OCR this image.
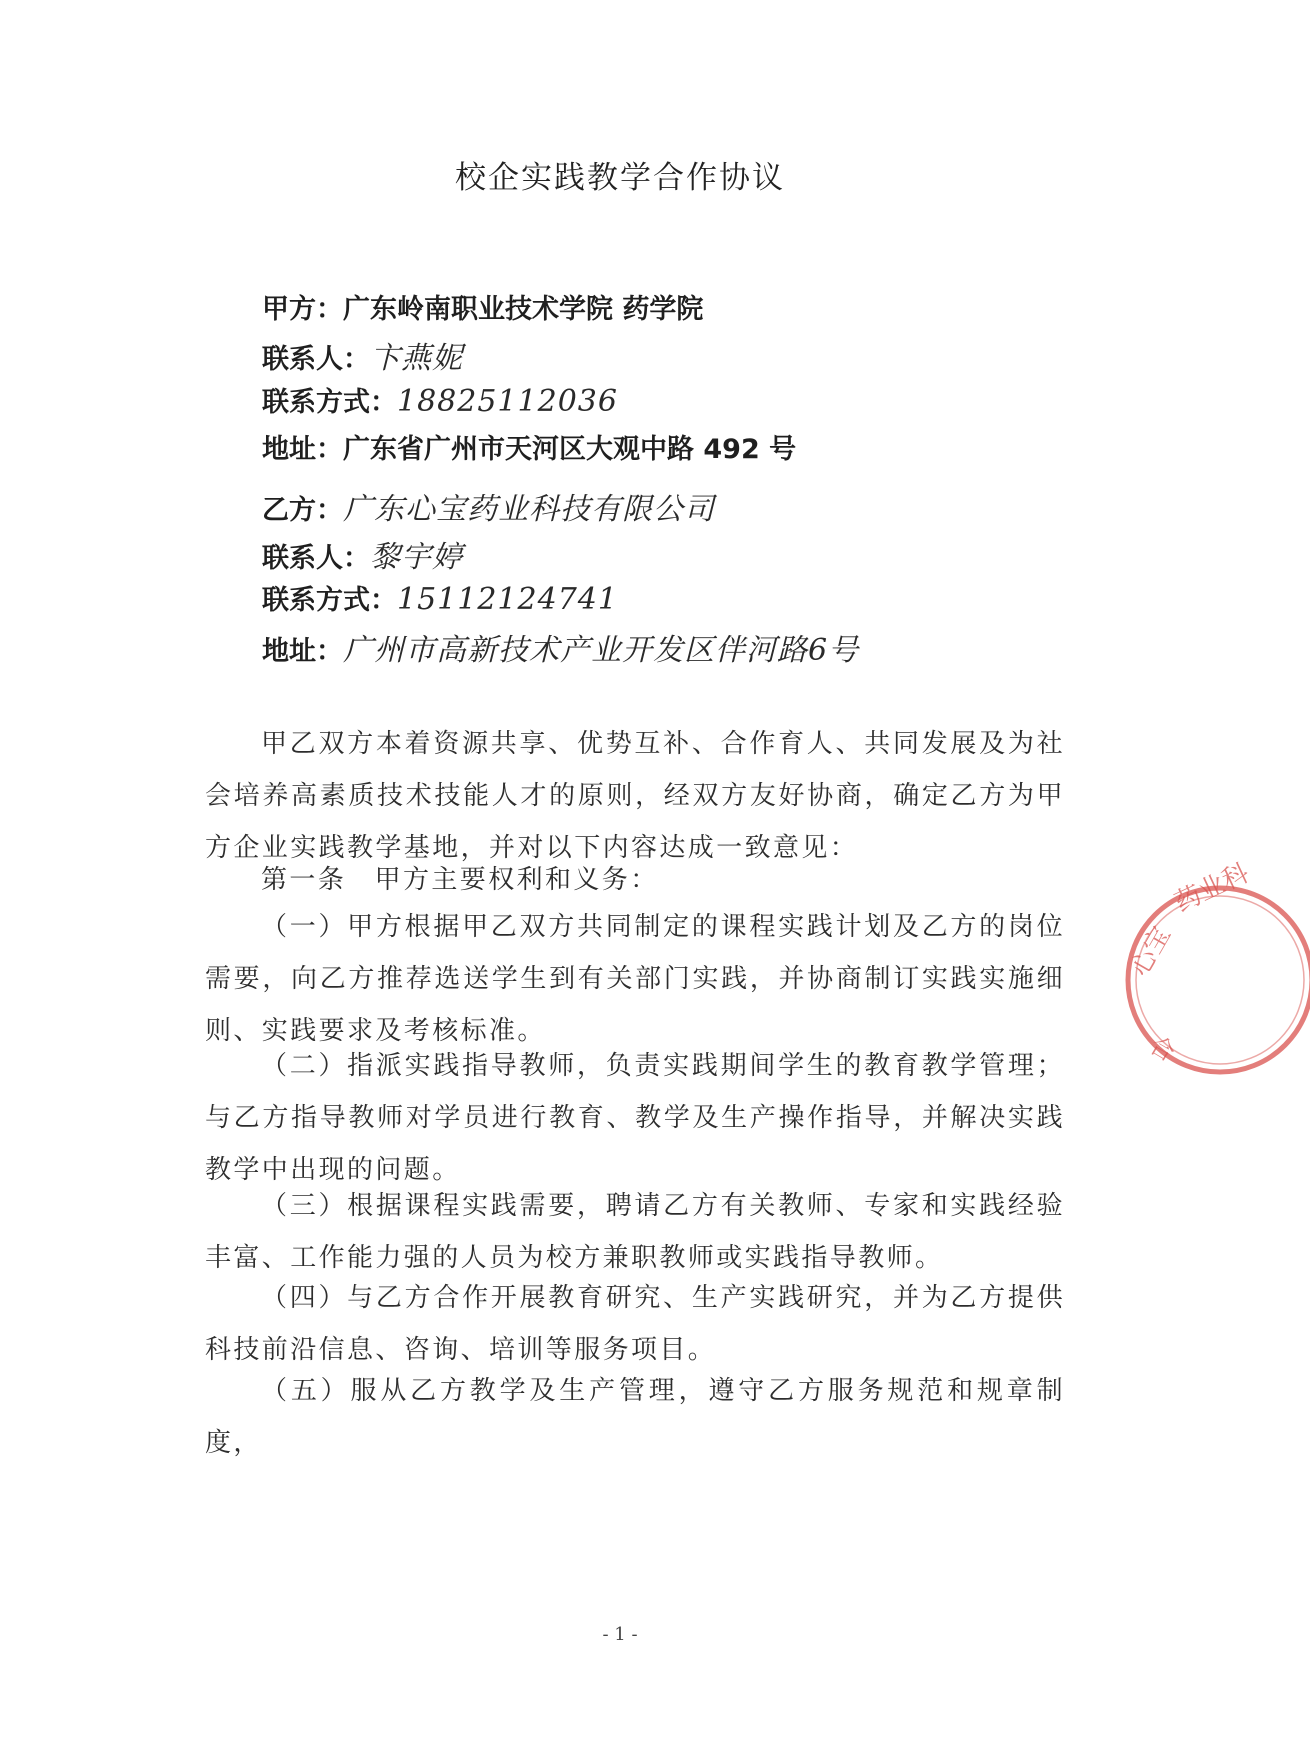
校企实践教学合作协议
甲方：广东岭南职业技术学院 药学院
联系人：卞燕妮
联系方式：18825112036
地址：广东省广州市天河区大观中路 492 号
乙方：广东心宝药业科技有限公司
联系人：黎宇婷
联系方式：15112124741
地址：广州市高新技术产业开发区伴河路6号
甲乙双方本着资源共享、优势互补、合作育人、共同发展及为社会培养高素质技术技能人才的原则，经双方友好协商，确定乙方为甲方企业实践教学基地，并对以下内容达成一致意见：
第一条　甲方主要权利和义务：
（一）甲方根据甲乙双方共同制定的课程实践计划及乙方的岗位需要，向乙方推荐选送学生到有关部门实践，并协商制订实践实施细则、实践要求及考核标准。
（二）指派实践指导教师，负责实践期间学生的教育教学管理；与乙方指导教师对学员进行教育、教学及生产操作指导，并解决实践教学中出现的问题。
（三）根据课程实践需要，聘请乙方有关教师、专家和实践经验丰富、工作能力强的人员为校方兼职教师或实践指导教师。
（四）与乙方合作开展教育研究、生产实践研究，并为乙方提供科技前沿信息、咨询、培训等服务项目。
（五）服从乙方教学及生产管理，遵守乙方服务规范和规章制度，
- 1 -
心宝
药业科
合
